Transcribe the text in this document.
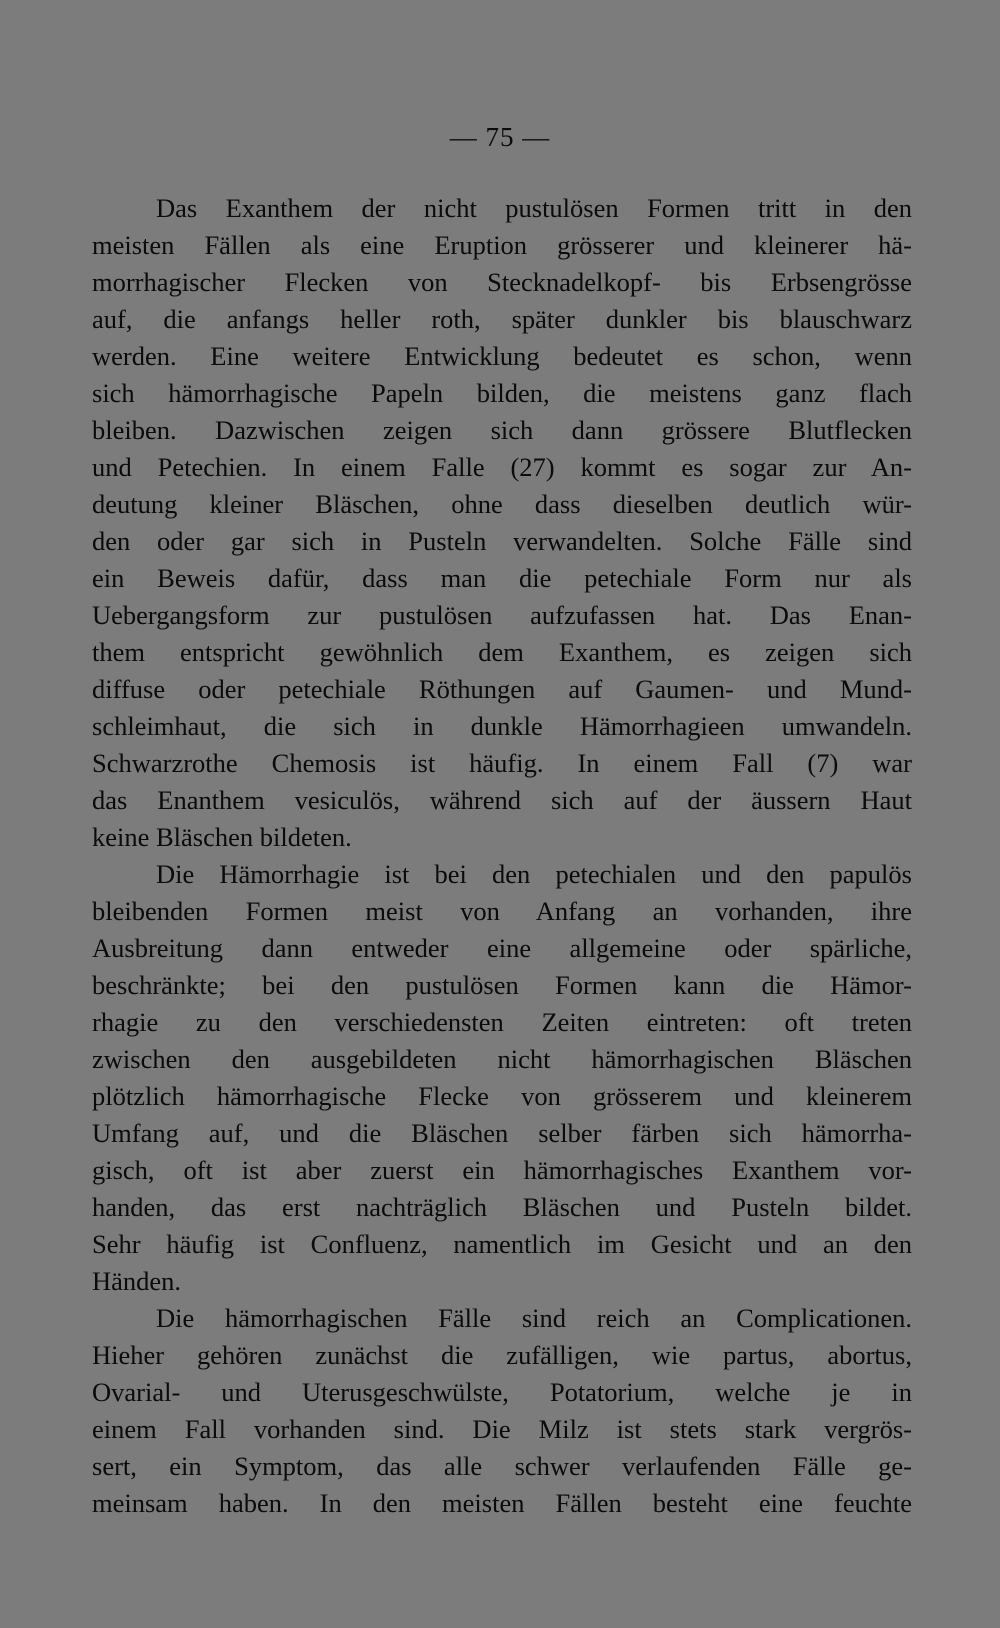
— 75 —
Das Exanthem der nicht pustulösen Formen tritt in den
meisten Fällen als eine Eruption grösserer und kleinerer hä-
morrhagischer Flecken von Stecknadelkopf- bis Erbsengrösse
auf, die anfangs heller roth, später dunkler bis blauschwarz
werden. Eine weitere Entwicklung bedeutet es schon, wenn
sich hämorrhagische Papeln bilden, die meistens ganz flach
bleiben. Dazwischen zeigen sich dann grössere Blutflecken
und Petechien. In einem Falle (27) kommt es sogar zur An-
deutung kleiner Bläschen, ohne dass dieselben deutlich wür-
den oder gar sich in Pusteln verwandelten. Solche Fälle sind
ein Beweis dafür, dass man die petechiale Form nur als
Uebergangsform zur pustulösen aufzufassen hat. Das Enan-
them entspricht gewöhnlich dem Exanthem, es zeigen sich
diffuse oder petechiale Röthungen auf Gaumen- und Mund-
schleimhaut, die sich in dunkle Hämorrhagieen umwandeln.
Schwarzrothe Chemosis ist häufig. In einem Fall (7) war
das Enanthem vesiculös, während sich auf der äussern Haut
keine Bläschen bildeten.
Die Hämorrhagie ist bei den petechialen und den papulös
bleibenden Formen meist von Anfang an vorhanden, ihre
Ausbreitung dann entweder eine allgemeine oder spärliche,
beschränkte; bei den pustulösen Formen kann die Hämor-
rhagie zu den verschiedensten Zeiten eintreten: oft treten
zwischen den ausgebildeten nicht hämorrhagischen Bläschen
plötzlich hämorrhagische Flecke von grösserem und kleinerem
Umfang auf, und die Bläschen selber färben sich hämorrha-
gisch, oft ist aber zuerst ein hämorrhagisches Exanthem vor-
handen, das erst nachträglich Bläschen und Pusteln bildet.
Sehr häufig ist Confluenz, namentlich im Gesicht und an den
Händen.
Die hämorrhagischen Fälle sind reich an Complicationen.
Hieher gehören zunächst die zufälligen, wie partus, abortus,
Ovarial- und Uterusgeschwülste, Potatorium, welche je in
einem Fall vorhanden sind. Die Milz ist stets stark vergrös-
sert, ein Symptom, das alle schwer verlaufenden Fälle ge-
meinsam haben. In den meisten Fällen besteht eine feuchte
